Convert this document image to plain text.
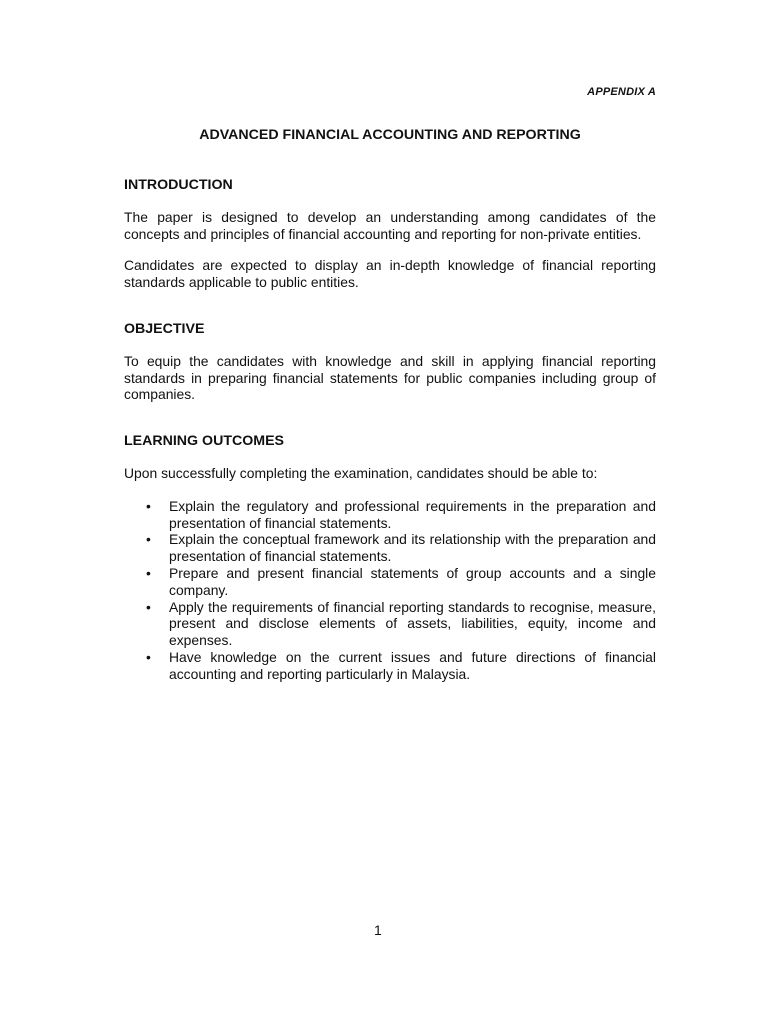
APPENDIX A
ADVANCED FINANCIAL ACCOUNTING AND REPORTING
INTRODUCTION

The paper is designed to develop an understanding among candidates of the concepts and principles of financial accounting and reporting for non-private entities.

Candidates are expected to display an in-depth knowledge of financial reporting standards applicable to public entities.

OBJECTIVE

To equip the candidates with knowledge and skill in applying financial reporting standards in preparing financial statements for public companies including group of companies.

LEARNING OUTCOMES

Upon successfully completing the examination, candidates should be able to:

• Explain the regulatory and professional requirements in the preparation and presentation of financial statements.
• Explain the conceptual framework and its relationship with the preparation and presentation of financial statements.
• Prepare and present financial statements of group accounts and a single company.
• Apply the requirements of financial reporting standards to recognise, measure, present and disclose elements of assets, liabilities, equity, income and expenses.
• Have knowledge on the current issues and future directions of financial accounting and reporting particularly in Malaysia.
1
